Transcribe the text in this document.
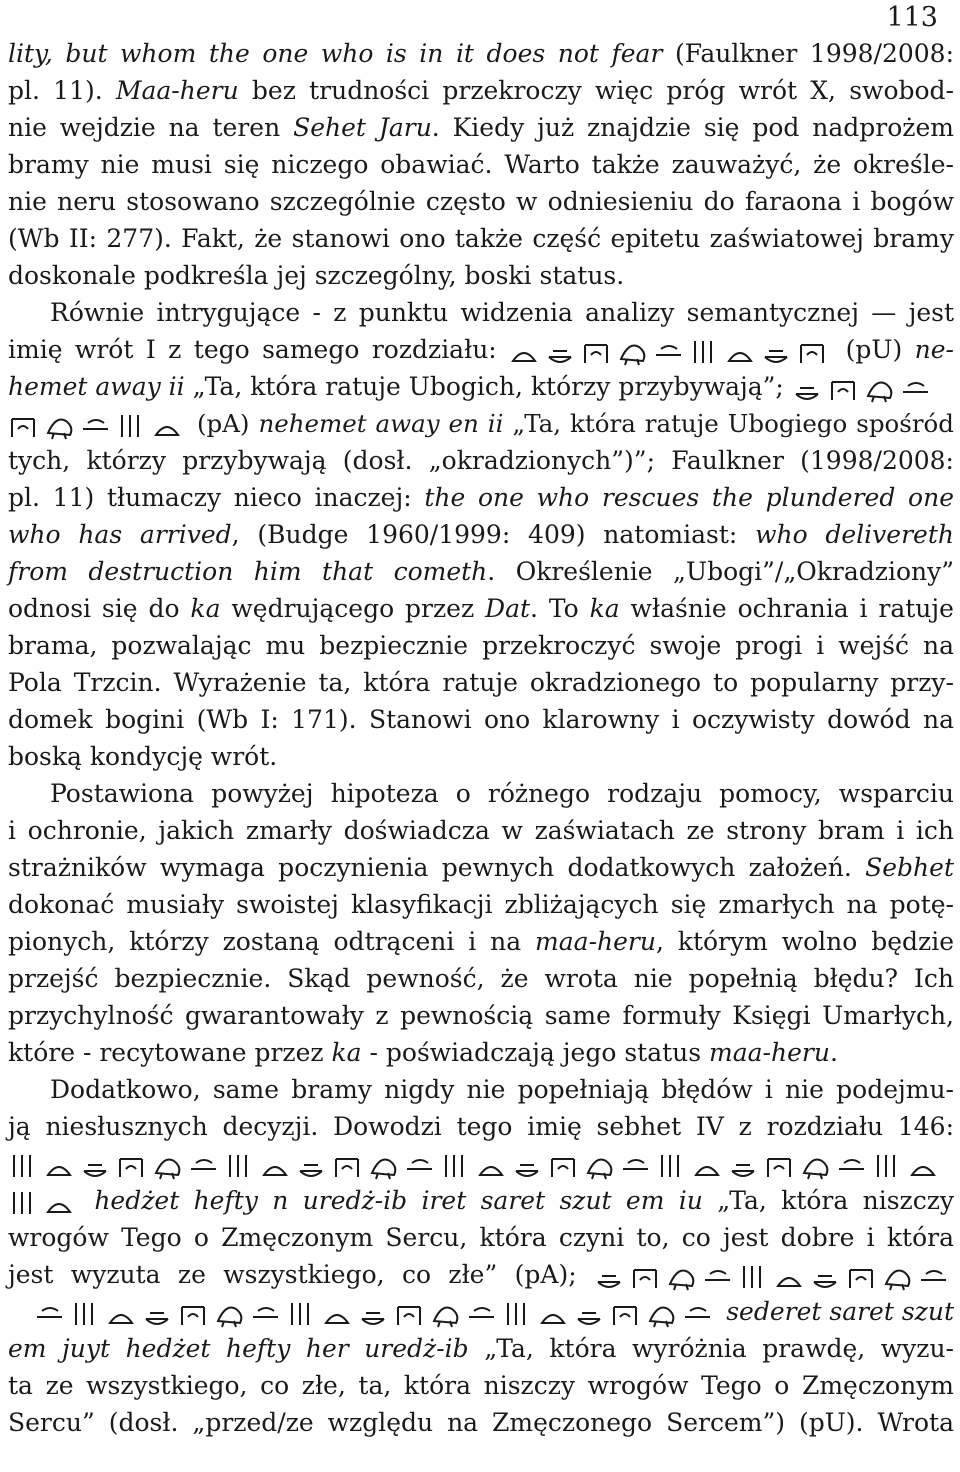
113
lity, but whom the one who is in it does not fear (Faulkner 1998/2008:
pl. 11). Maa-heru bez trudności przekroczy więc próg wrót X, swobod-
nie wejdzie na teren Sehet Jaru. Kiedy już znajdzie się pod nadprożem
bramy nie musi się niczego obawiać. Warto także zauważyć, że określe-
nie neru stosowano szczególnie często w odniesieniu do faraona i bogów
(Wb II: 277). Fakt, że stanowi ono także część epitetu zaświatowej bramy
doskonale podkreśla jej szczególny, boski status.
Równie intrygujące - z punktu widzenia analizy semantycznej — jest
imię wrót I z tego samego rozdziału:	(pU) ne-
hemet away ii „Ta, która ratuje Ubogich, którzy przybywają”;
(pA) nehemet away en ii „Ta, która ratuje Ubogiego spośród
tych, którzy przybywają (dosł. „okradzionych”)”; Faulkner (1998/2008:
pl. 11) tłumaczy nieco inaczej: the one who rescues the plundered one
who has arrived, (Budge 1960/1999: 409) natomiast: who delivereth
from destruction him that cometh. Określenie „Ubogi”/„Okradziony”
odnosi się do ka wędrującego przez Dat. To ka właśnie ochrania i ratuje
brama, pozwalając mu bezpiecznie przekroczyć swoje progi i wejść na
Pola Trzcin. Wyrażenie ta, która ratuje okradzionego to popularny przy-
domek bogini (Wb I: 171). Stanowi ono klarowny i oczywisty dowód na
boską kondycję wrót.
Postawiona powyżej hipoteza o różnego rodzaju pomocy, wsparciu
i ochronie, jakich zmarły doświadcza w zaświatach ze strony bram i ich
strażników wymaga poczynienia pewnych dodatkowych założeń. Sebhet
dokonać musiały swoistej klasyfikacji zbliżających się zmarłych na potę-
pionych, którzy zostaną odtrąceni i na maa-heru, którym wolno będzie
przejść bezpiecznie. Skąd pewność, że wrota nie popełnią błędu? Ich
przychylność gwarantowały z pewnością same formuły Księgi Umarłych,
które - recytowane przez ka - poświadczają jego status maa-heru.
Dodatkowo, same bramy nigdy nie popełniają błędów i nie podejmu-
ją niesłusznych decyzji. Dowodzi tego imię sebhet IV z rozdziału 146:
hedżet hefty n uredż-ib iret saret szut em iu „Ta, która niszczy
wrogów Tego o Zmęczonym Sercu, która czyni to, co jest dobre i która
jest wyzuta ze wszystkiego, co złe” (pA);
sederet saret szut
em juyt hedżet hefty her uredż-ib „Ta, która wyróżnia prawdę, wyzu-
ta ze wszystkiego, co złe, ta, która niszczy wrogów Tego o Zmęczonym
Sercu” (dosł. „przed/ze względu na Zmęczonego Sercem”) (pU). Wrota
